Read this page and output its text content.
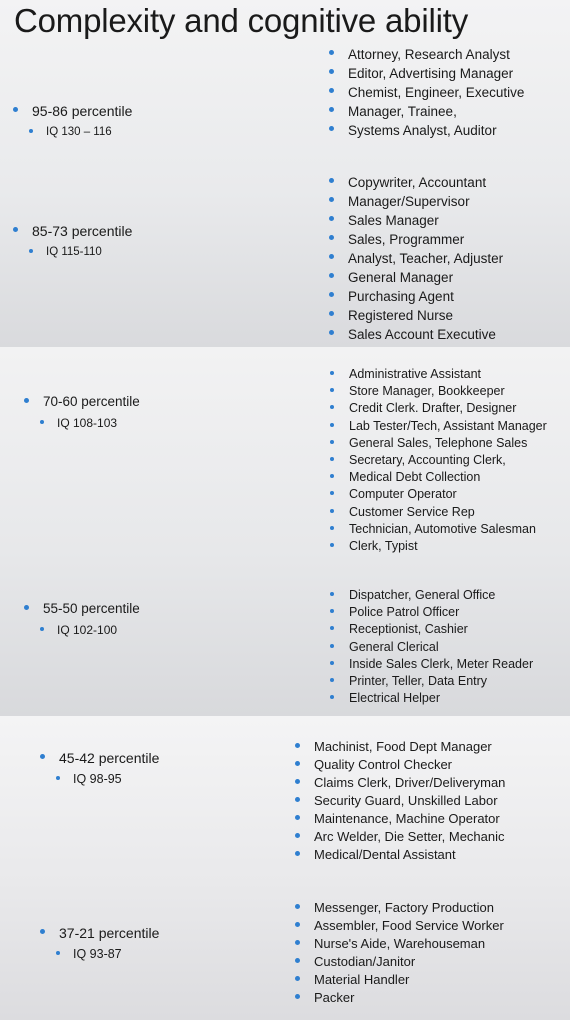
Complexity and cognitive ability

95-86 percentile

IQ 130 – 116

Attorney, Research Analyst
Editor, Advertising Manager
Chemist, Engineer, Executive
Manager, Trainee,
Systems Analyst, Auditor

85-73 percentile

IQ 115-110

Copywriter, Accountant
Manager/Supervisor
Sales Manager
Sales, Programmer
Analyst, Teacher, Adjuster
General Manager
Purchasing Agent
Registered Nurse
Sales Account Executive

70-60 percentile

IQ 108-103

Administrative Assistant
Store Manager, Bookkeeper
Credit Clerk. Drafter, Designer
Lab Tester/Tech, Assistant Manager
General Sales, Telephone Sales
Secretary, Accounting Clerk,
Medical Debt Collection
Computer Operator
Customer Service Rep
Technician, Automotive Salesman
Clerk, Typist

55-50 percentile

IQ 102-100

Dispatcher, General Office
Police Patrol Officer
Receptionist, Cashier
General Clerical
Inside Sales Clerk, Meter Reader
Printer, Teller, Data Entry
Electrical Helper

45-42 percentile

IQ 98-95

Machinist, Food Dept Manager
Quality Control Checker
Claims Clerk, Driver/Deliveryman
Security Guard, Unskilled Labor
Maintenance, Machine Operator
Arc Welder, Die Setter, Mechanic
Medical/Dental Assistant

37-21 percentile

IQ 93-87

Messenger, Factory Production
Assembler, Food Service Worker
Nurse's Aide, Warehouseman
Custodian/Janitor
Material Handler
Packer
